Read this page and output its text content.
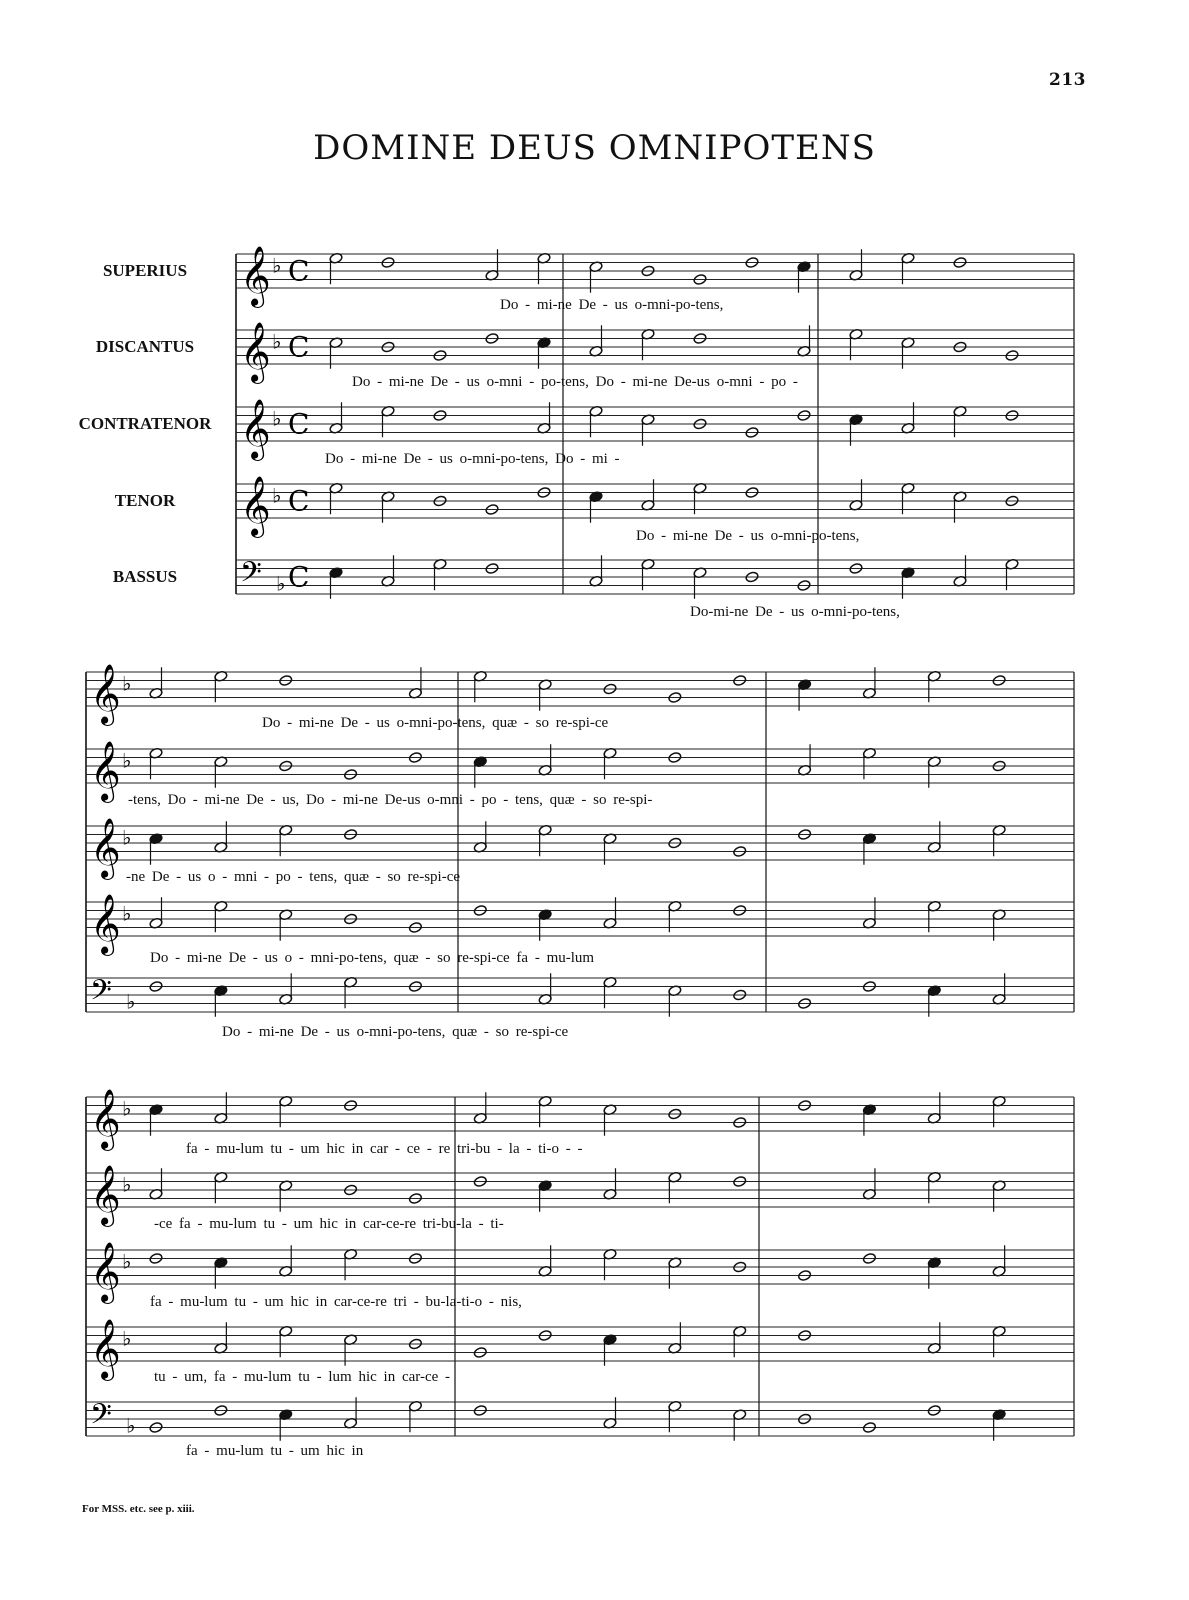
213
DOMINE DEUS OMNIPOTENS
SUPERIUS
DISCANTUS
CONTRATENOR
TENOR
BASSUS
𝄞 ♭ C
𝄞 ♭ C
𝄞 ♭ C
𝄞 ♭ C
𝄢 ♭ C
𝄞 ♭
𝄞 ♭
𝄞 ♭
𝄞 ♭
𝄢 ♭
𝄞 ♭
𝄞 ♭
𝄞 ♭
𝄞 ♭
𝄢 ♭
Do - mi-ne De - us o-mni-po-tens,
Do - mi-ne De - us o-mni - po-tens, Do - mi-ne De-us o-mni - po -
Do - mi-ne De - us o-mni-po-tens, Do - mi -
Do - mi-ne De - us o-mni-po-tens,
Do-mi-ne De - us o-mni-po-tens,
Do - mi-ne De - us o-mni-po-tens, quæ - so re-spi-ce
-tens, Do - mi-ne De - us, Do - mi-ne De-us o-mni - po - tens, quæ - so re-spi-
-ne De - us o - mni - po - tens, quæ - so re-spi-ce
Do - mi-ne De - us o - mni-po-tens, quæ - so re-spi-ce fa - mu-lum
Do - mi-ne De - us o-mni-po-tens, quæ - so re-spi-ce
fa - mu-lum tu - um hic in car - ce - re tri-bu - la - ti-o - -
-ce fa - mu-lum tu - um hic in car-ce-re tri-bu-la - ti-
fa - mu-lum tu - um hic in car-ce-re tri - bu-la-ti-o - nis,
tu - um, fa - mu-lum tu - lum hic in car-ce -
fa - mu-lum tu - um hic in
For MSS. etc. see p. xiii.
